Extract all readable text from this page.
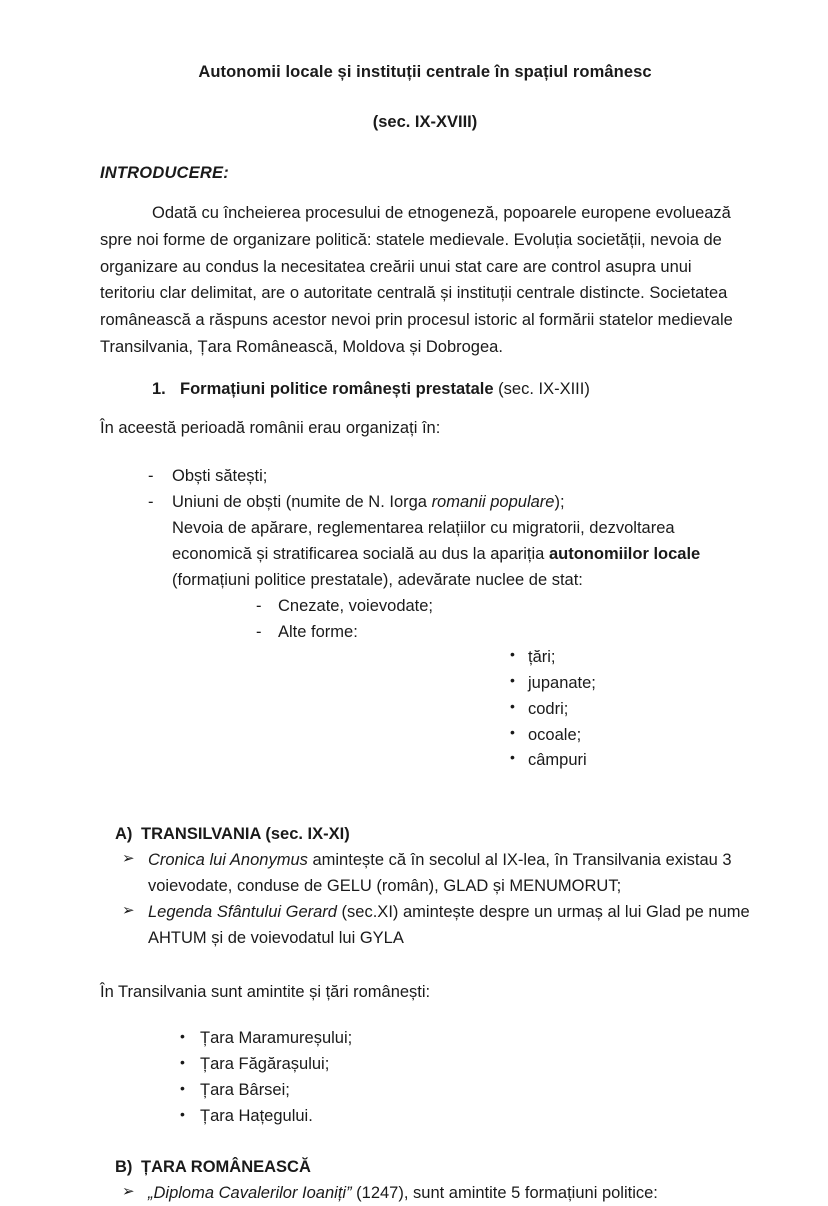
Autonomii locale și instituții centrale în spațiul românesc
(sec. IX-XVIII)

INTRODUCERE:

Odată cu încheierea procesului de etnogeneză, popoarele europene evoluează spre noi forme de organizare politică: statele medievale. Evoluția societății, nevoia de organizare au condus la necesitatea creării unui stat care are control asupra unui teritoriu clar delimitat, are o autoritate centrală și instituții centrale distincte. Societatea românească a răspuns acestor nevoi prin procesul istoric al formării statelor medievale Transilvania, Țara Românească, Moldova și Dobrogea.

1. Formațiuni politice românești prestatale (sec. IX-XIII)

În aceestă perioadă românii erau organizați în:

- Obști sătești;
- Uniuni de obști (numite de N. Iorga romanii populare);
Nevoia de apărare, reglementarea relațiilor cu migratorii, dezvoltarea economică și stratificarea socială au dus la apariția autonomiilor locale (formațiuni politice prestatale), adevărate nuclee de stat:
- Cnezate, voievodate;
- Alte forme:
• țări;
• jupanate;
• codri;
• ocoale;
• câmpuri

A) TRANSILVANIA (sec. IX-XI)

➢ Cronica lui Anonymus amintește că în secolul al IX-lea, în Transilvania existau 3 voievodate, conduse de GELU (român), GLAD și MENUMORUT;
➢ Legenda Sfântului Gerard (sec.XI) amintește despre un urmaș al lui Glad pe nume AHTUM și de voievodatul lui GYLA

În Transilvania sunt amintite și țări românești:

• Țara Maramureșului;
• Țara Făgărașului;
• Țara Bârsei;
• Țara Hațegului.

B) ȚARA ROMÂNEASCĂ

➢ „Diploma Cavalerilor Ioaniți” (1247), sunt amintite 5 formațiuni politice:
